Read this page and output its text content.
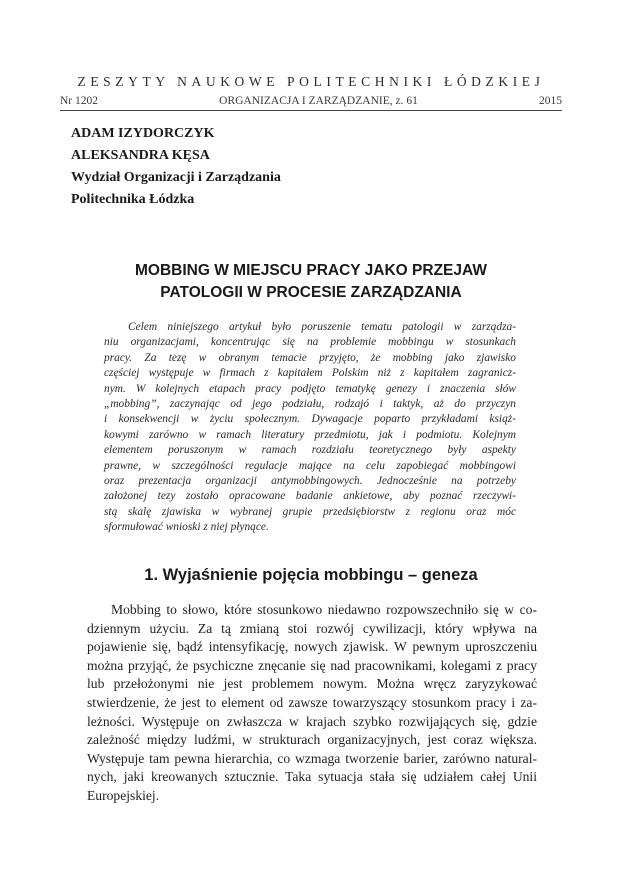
ZESZYTY NAUKOWE POLITECHNIKI ŁÓDZKIEJ
Nr 1202	ORGANIZACJA I ZARZĄDZANIE, z. 61	2015
ADAM IZYDORCZYK
ALEKSANDRA KĘSA
Wydział Organizacji i Zarządzania
Politechnika Łódzka
MOBBING W MIEJSCU PRACY JAKO PRZEJAW
PATOLOGII W PROCESIE ZARZĄDZANIA
Celem niniejszego artykuł było poruszenie tematu patologii w zarządza-
niu organizacjami, koncentrując się na problemie mobbingu w stosunkach
pracy. Za tezę w obranym temacie przyjęto, że mobbing jako zjawisko
częściej występuje w firmach z kapitałem Polskim niż z kapitałem zagranicz-
nym. W kolejnych etapach pracy podjęto tematykę genezy i znaczenia słów
„mobbing”, zaczynając od jego podziału, rodzajó i taktyk, aż do przyczyn
i konsekwencji w życiu społecznym. Dywagacje poparto przykładami książ-
kowymi zarówno w ramach literatury przedmiotu, jak i podmiotu. Kolejnym
elementem poruszonym w ramach rozdziału teoretycznego były aspekty
prawne, w szczególności regulacje mające na celu zapobiegać mobbingowi
oraz prezentacja organizacji antymobbingowych. Jednocześnie na potrzeby
założonej tezy zostało opracowane badanie ankietowe, aby poznać rzeczywi-
stą skalę zjawiska w wybranej grupie przedsiębiorstw z regionu oraz móc
sformułować wnioski z niej płynące.
1. Wyjaśnienie pojęcia mobbingu – geneza
Mobbing to słowo, które stosunkowo niedawno rozpowszechniło się w co-
dziennym użyciu. Za tą zmianą stoi rozwój cywilizacji, który wpływa na
pojawienie się, bądź intensyfikację, nowych zjawisk. W pewnym uproszczeniu
można przyjąć, że psychiczne znęcanie się nad pracownikami, kolegami z pracy
lub przełożonymi nie jest problemem nowym. Można wręcz zaryzykować
stwierdzenie, że jest to element od zawsze towarzyszący stosunkom pracy i za-
leżności. Występuje on zwłaszcza w krajach szybko rozwijających się, gdzie
zależność między ludźmi, w strukturach organizacyjnych, jest coraz większa.
Występuje tam pewna hierarchia, co wzmaga tworzenie barier, zarówno natural-
nych, jaki kreowanych sztucznie. Taka sytuacja stała się udziałem całej Unii
Europejskiej.
